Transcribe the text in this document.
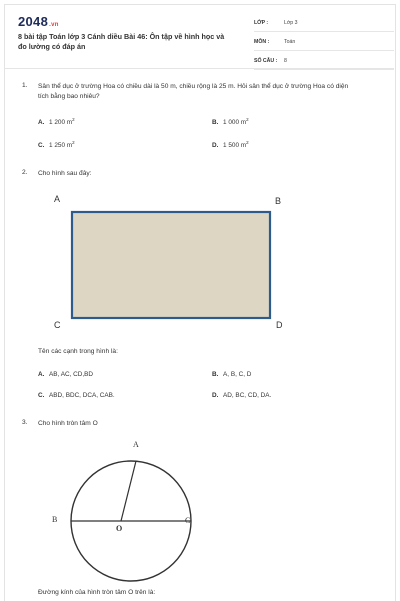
2048.vn
8 bài tập Toán lớp 3 Cánh diều Bài 46: Ôn tập về hình học và đo lường có đáp án
LỚP :	Lớp 3
MÔN :	Toán
SỐ CÂU : 8
1. Sân thể dục ở trường Hoa có chiều dài là 50 m, chiều rộng là 25 m. Hỏi sân thể dục ở trường Hoa có diện tích bằng bao nhiêu?
A. 1 200 $m^2$	B. 1 000 $m^2$
C. 1 250 $m^2$	D. 1 500 $m^2$
2. Cho hình sau đây:
A	B
C	D
Tên các cạnh trong hình là:
A. AB, AC, CD,BD	B. A, B, C, D
C. ABD, BDC, DCA, CAB.	D. AD, BC, CD, DA.
3. Cho hình tròn tâm O
A
B	C
O
Đường kính của hình tròn tâm O trên là:
